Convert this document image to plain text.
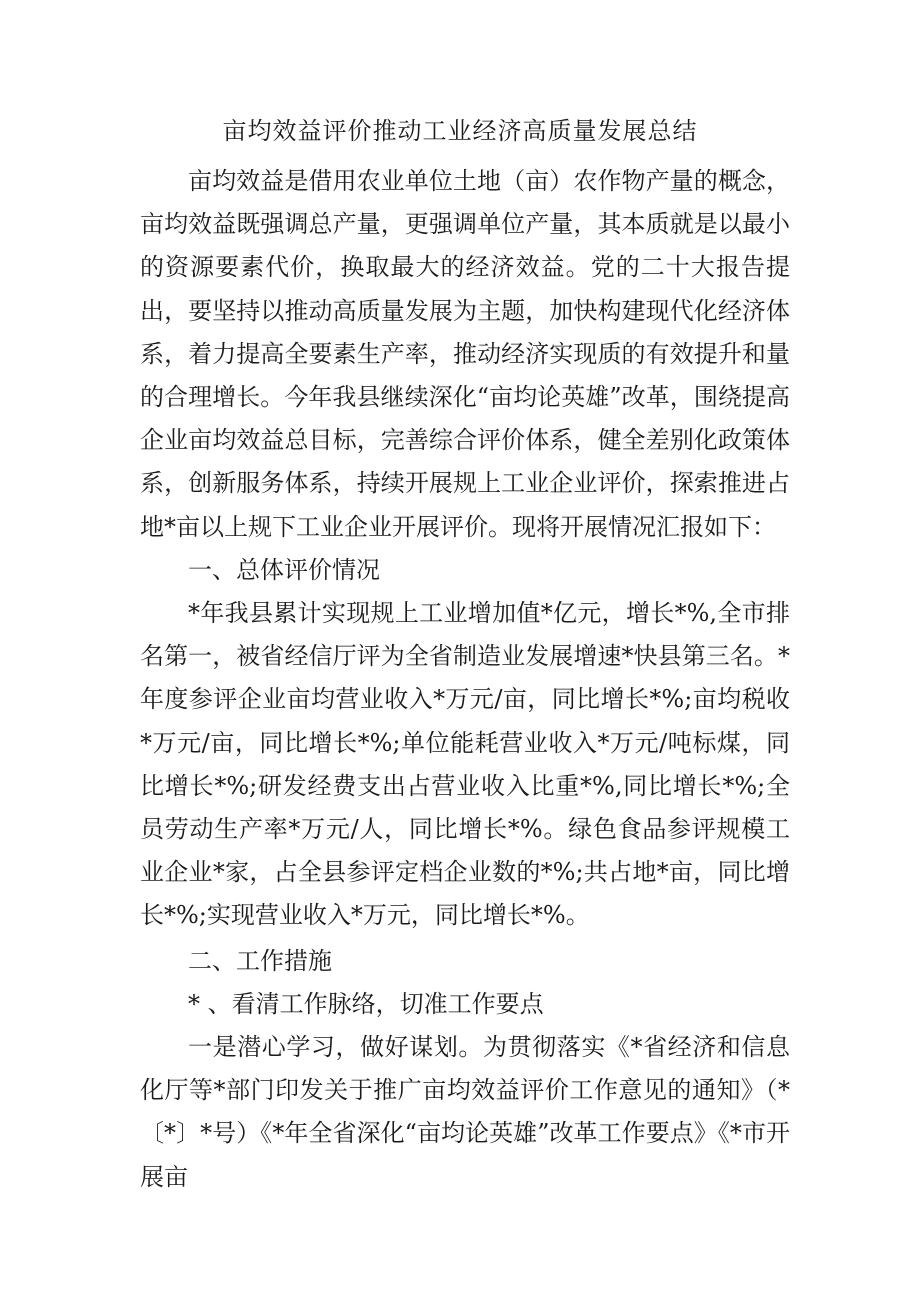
亩均效益评价推动工业经济高质量发展总结

亩均效益是借用农业单位土地（亩）农作物产量的概念，亩均效益既强调总产量，更强调单位产量，其本质就是以最小的资源要素代价，换取最大的经济效益。党的二十大报告提出，要坚持以推动高质量发展为主题，加快构建现代化经济体系，着力提高全要素生产率，推动经济实现质的有效提升和量的合理增长。今年我县继续深化“亩均论英雄”改革，围绕提高企业亩均效益总目标，完善综合评价体系，健全差别化政策体系，创新服务体系，持续开展规上工业企业评价，探索推进占地*亩以上规下工业企业开展评价。现将开展情况汇报如下：

一、总体评价情况

*年我县累计实现规上工业增加值*亿元，增长*%,全市排名第一，被省经信厅评为全省制造业发展增速*快县第三名。*年度参评企业亩均营业收入*万元/亩，同比增长*%;亩均税收*万元/亩，同比增长*%;单位能耗营业收入*万元/吨标煤，同比增长*%;研发经费支出占营业收入比重*%,同比增长*%;全员劳动生产率*万元/人，同比增长*%。绿色食品参评规模工业企业*家，占全县参评定档企业数的*%;共占地*亩，同比增长*%;实现营业收入*万元，同比增长*%。

二、工作措施

* 、看清工作脉络，切准工作要点

一是潜心学习，做好谋划。为贯彻落实《*省经济和信息化厅等*部门印发关于推广亩均效益评价工作意见的通知》（*〔*〕*号）《*年全省深化“亩均论英雄”改革工作要点》《*市开展亩
